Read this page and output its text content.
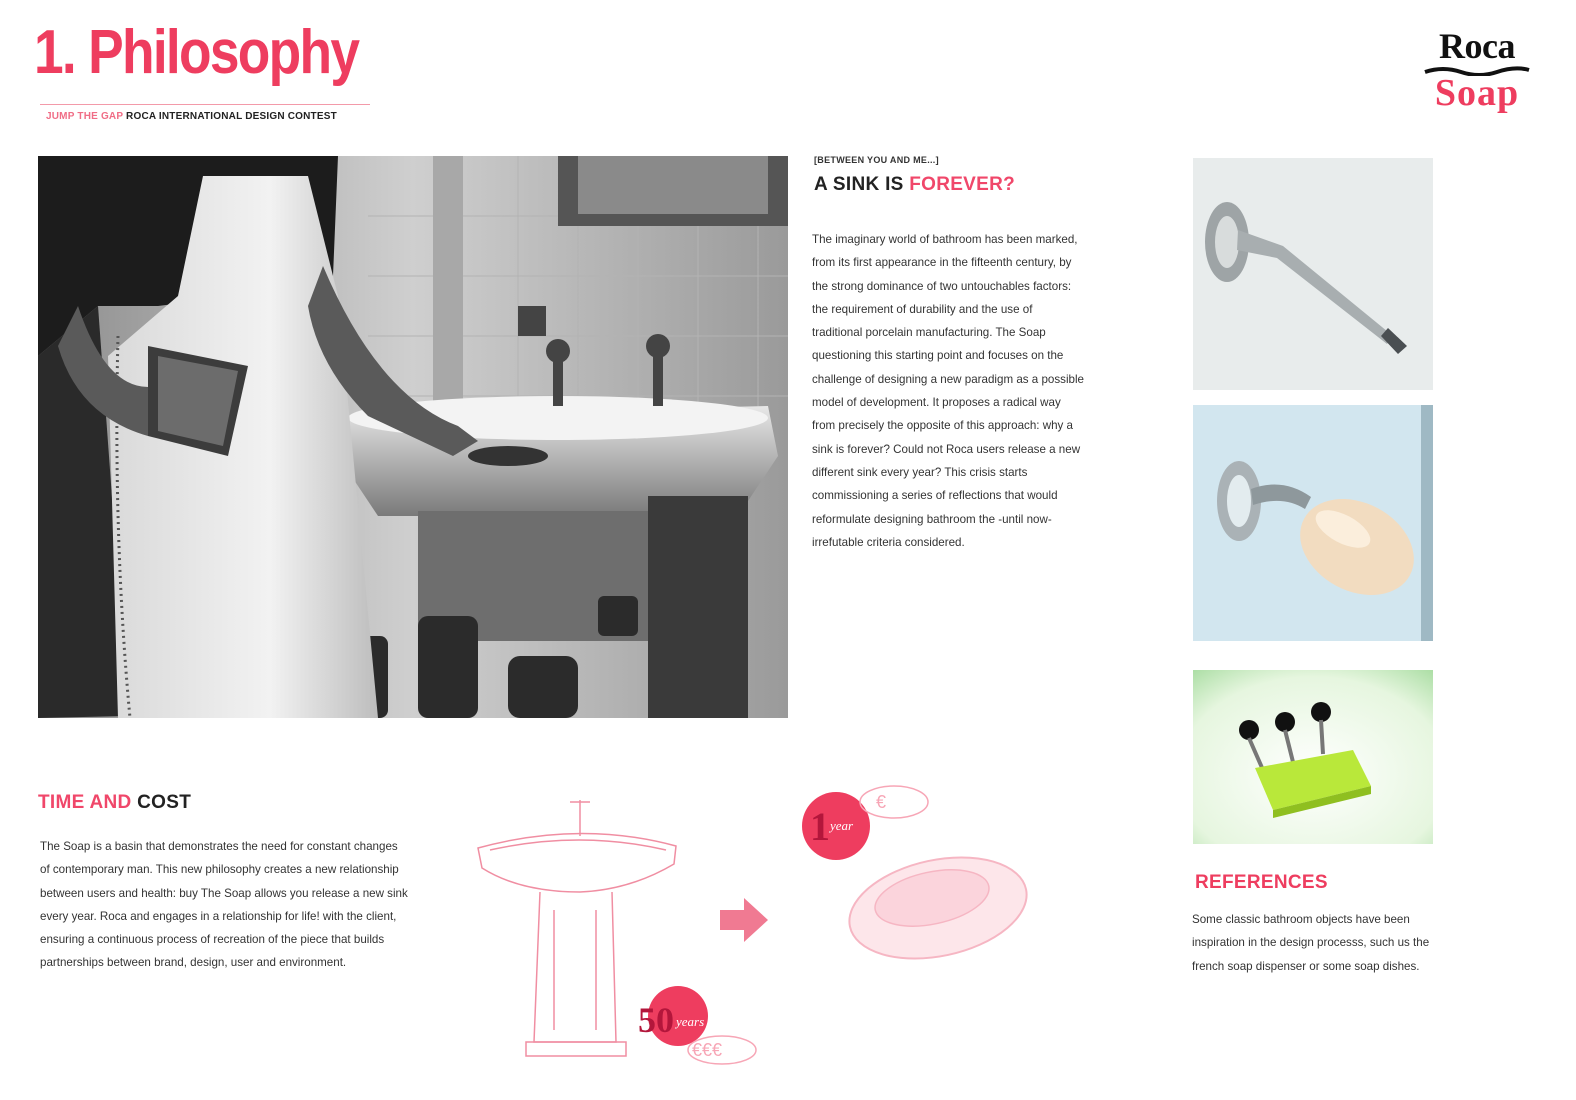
1. Philosophy
JUMP THE GAP ROCA INTERNATIONAL DESIGN CONTEST
Roca
Soap
[BETWEEN YOU AND ME...]
A SINK IS FOREVER?
The imaginary world of bathroom has been marked, from its first appearance in the fifteenth century, by the strong dominance of two untouchables factors: the requirement of durability and the use of traditional porcelain manufacturing. The Soap questioning this starting point and focuses on the challenge of designing a new paradigm as a possible model of development. It proposes a radical way from precisely the opposite of this approach: why a sink is forever? Could not Roca users release a new different sink every year? This crisis starts commissioning a series of reflections that would reformulate designing bathroom the -until now- irrefutable criteria considered.
REFERENCES
Some classic bathroom objects have been inspiration in the design processs, such us the french soap dispenser or some soap dishes.
TIME AND COST
The Soap is a basin that demonstrates the need for constant changes of contemporary man. This new philosophy creates a new relationship between users and health: buy The Soap allows you release a new sink every year. Roca and engages in a relationship for life! with the client, ensuring a continuous process of recreation of the piece that builds partnerships between brand, design, user and environment.
1 year
€
50 years
€€€
